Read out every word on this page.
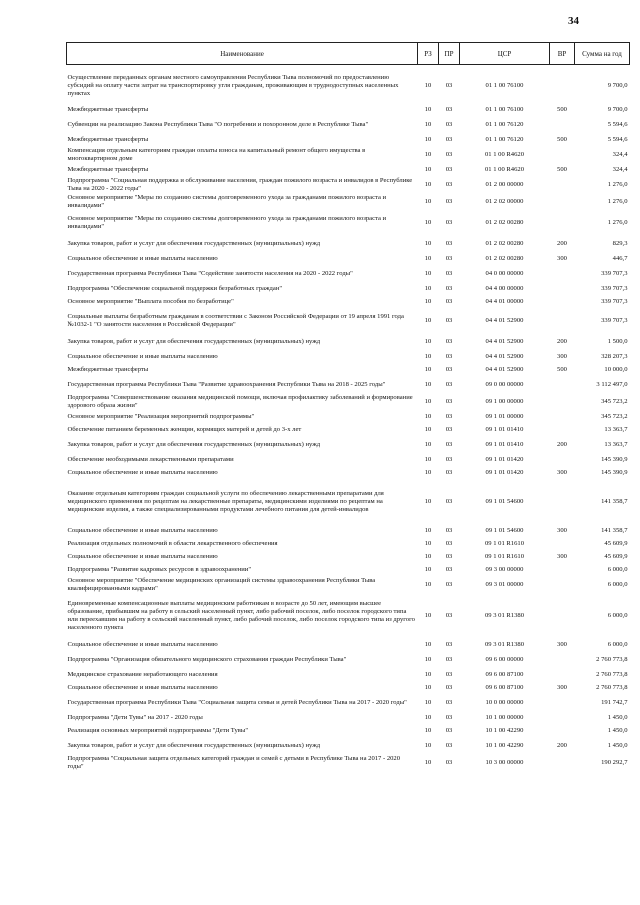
34
Наименование	РЗ	ПР	ЦСР	ВР	Сумма на год

Осуществление переданных органам местного самоуправления Республики Тыва полномочий по предоставлению субсидий на оплату части затрат на транспортировку угля гражданам, проживающим в труднодоступных населенных пунктах	10	03	01 1 00 76100		9 700,0
Межбюджетные трансферты	10	03	01 1 00 76100	500	9 700,0
Субвенции на реализацию Закона Республики Тыва "О погребении и похоронном деле в Республике Тыва"	10	03	01 1 00 76120		5 594,6
Межбюджетные трансферты	10	03	01 1 00 76120	500	5 594,6
Компенсация отдельным категориям граждан оплаты взноса на капитальный ремонт общего имущества в многоквартирном доме	10	03	01 1 00 R4620		324,4
Межбюджетные трансферты	10	03	01 1 00 R4620	500	324,4
Подпрограмма "Социальная поддержка и обслуживание населения, граждан пожилого возраста и инвалидов в Республике Тыва на 2020 - 2022 годы"	10	03	01 2 00 00000		1 276,0
Основное мероприятие "Меры по созданию системы долговременного ухода за гражданами пожилого возраста и инвалидами"	10	03	01 2 02 00000		1 276,0
Основное мероприятие "Меры по созданию системы долговременного ухода за гражданами пожилого возраста и инвалидами"	10	03	01 2 02 00280		1 276,0
Закупка товаров, работ и услуг для обеспечения государственных (муниципальных) нужд	10	03	01 2 02 00280	200	829,3
Социальное обеспечение и иные выплаты населению	10	03	01 2 02 00280	300	446,7
Государственная программа Республики Тыва "Содействие занятости населения на 2020 - 2022 годы"	10	03	04 0 00 00000		339 707,3
Подпрограмма "Обеспечение социальной поддержки безработных граждан"	10	03	04 4 00 00000		339 707,3
Основное мероприятие "Выплата пособия по безработице"	10	03	04 4 01 00000		339 707,3
Социальные выплаты безработным гражданам в соответствии с Законом Российской Федерации от 19 апреля 1991 года №1032-1 "О занятости населения в Российской Федерации"	10	03	04 4 01 52900		339 707,3
Закупка товаров, работ и услуг для обеспечения государственных (муниципальных) нужд	10	03	04 4 01 52900	200	1 500,0
Социальное обеспечение и иные выплаты населению	10	03	04 4 01 52900	300	328 207,3
Межбюджетные трансферты	10	03	04 4 01 52900	500	10 000,0
Государственная программа Республики Тыва "Развитие здравоохранения Республики Тыва на 2018 - 2025 годы"	10	03	09 0 00 00000		3 112 497,0
Подпрограмма "Совершенствование оказания медицинской помощи, включая профилактику заболеваний и формирование здорового образа жизни"	10	03	09 1 00 00000		345 723,2
Основное мероприятие "Реализация мероприятий подпрограммы"	10	03	09 1 01 00000		345 723,2
Обеспечение питанием беременных женщин, кормящих матерей и детей до 3-х лет	10	03	09 1 01 01410		13 363,7
Закупка товаров, работ и услуг для обеспечения государственных (муниципальных) нужд	10	03	09 1 01 01410	200	13 363,7
Обеспечение необходимыми лекарственными препаратами	10	03	09 1 01 01420		145 390,9
Социальное обеспечение и иные выплаты населению	10	03	09 1 01 01420	300	145 390,9
Оказание отдельным категориям граждан социальной услуги по обеспечению лекарственными препаратами для медицинского применения по рецептам на лекарственные препараты, медицинскими изделиями по рецептам на медицинские изделия, а также специализированными продуктами лечебного питания для детей-инвалидов	10	03	09 1 01 54600		141 358,7
Социальное обеспечение и иные выплаты населению	10	03	09 1 01 54600	300	141 358,7
Реализация отдельных полномочий в области лекарственного обеспечения	10	03	09 1 01 R1610		45 609,9
Социальное обеспечение и иные выплаты населению	10	03	09 1 01 R1610	300	45 609,9
Подпрограмма "Развитие кадровых ресурсов в здравоохранении"	10	03	09 3 00 00000		6 000,0
Основное мероприятие "Обеспечение медицинских организаций системы здравоохранения Республики Тыва квалифицированными кадрами"	10	03	09 3 01 00000		6 000,0
Единовременные компенсационные выплаты медицинским работникам в возрасте до 50 лет, имеющим высшее образование, прибывшим на работу в сельский населенный пункт, либо рабочий поселок, либо поселок городского типа или переехавшим на работу в сельский населенный пункт, либо рабочий поселок, либо поселок городского типа из другого населенного пункта	10	03	09 3 01 R1380		6 000,0
Социальное обеспечение и иные выплаты населению	10	03	09 3 01 R1380	300	6 000,0
Подпрограмма "Организация обязательного медицинского страхования граждан Республики Тыва"	10	03	09 6 00 00000		2 760 773,8
Медицинское страхование неработающего населения	10	03	09 6 00 87100		2 760 773,8
Социальное обеспечение и иные выплаты населению	10	03	09 6 00 87100	300	2 760 773,8
Государственная программа Республики Тыва "Социальная защита семьи и детей Республики Тыва на 2017 - 2020 годы"	10	03	10 0 00 00000		191 742,7
Подпрограмма "Дети Тувы" на 2017 - 2020 годы	10	03	10 1 00 00000		1 450,0
Реализация основных мероприятий подпрограммы "Дети Тувы"	10	03	10 1 00 42290		1 450,0
Закупка товаров, работ и услуг для обеспечения государственных (муниципальных) нужд	10	03	10 1 00 42290	200	1 450,0
Подпрограмма "Социальная защита отдельных категорий граждан и семей с детьми в Республике Тыва на 2017 - 2020 годы"	10	03	10 3 00 00000		190 292,7
